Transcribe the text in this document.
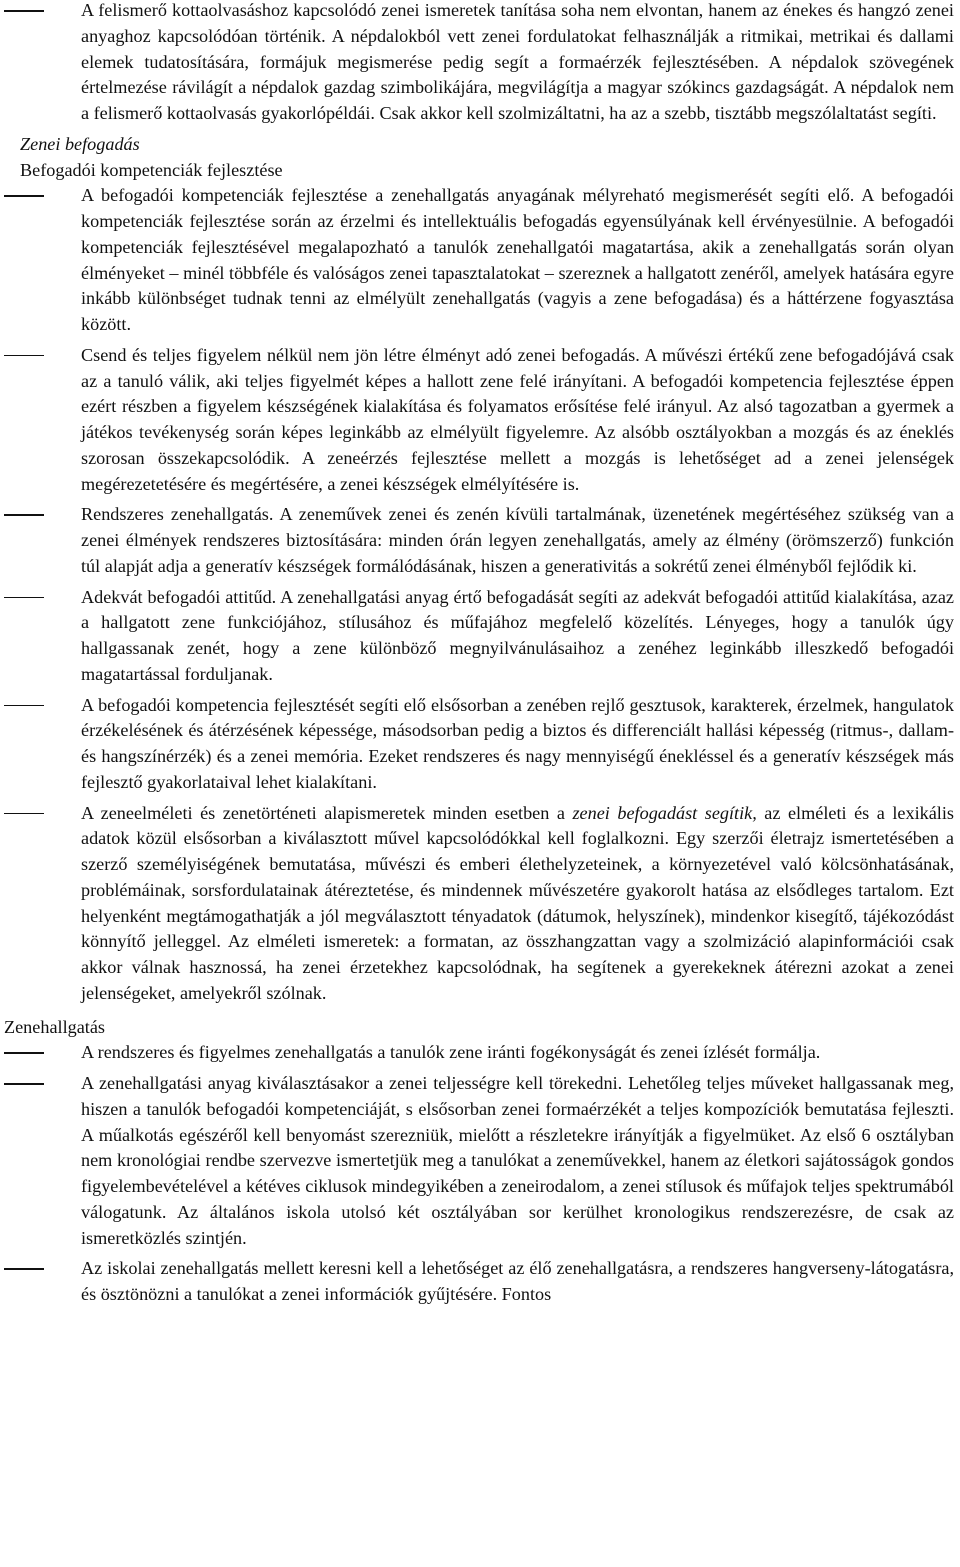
A felismerő kottaolvasáshoz kapcsolódó zenei ismeretek tanítása soha nem elvontan, hanem az énekes és hangzó zenei anyaghoz kapcsolódóan történik. A népdalokból vett zenei fordulatokat felhasználják a ritmikai, metrikai és dallami elemek tudatosítására, formájuk megismerése pedig segít a formaérzék fejlesztésében. A népdalok szövegének értelmezése rávilágít a népdalok gazdag szimbolikájára, megvilágítja a magyar szókincs gazdagságát. A népdalok nem a felismerő kottaolvasás gyakorlópéldái. Csak akkor kell szolmizáltatni, ha az a szebb, tisztább megszólaltatást segíti.
Zenei befogadás
Befogadói kompetenciák fejlesztése
A befogadói kompetenciák fejlesztése a zenehallgatás anyagának mélyreható megismerését segíti elő. A befogadói kompetenciák fejlesztése során az érzelmi és intellektuális befogadás egyensúlyának kell érvényesülnie. A befogadói kompetenciák fejlesztésével megalapozható a tanulók zenehallgatói magatartása, akik a zenehallgatás során olyan élményeket – minél többféle és valóságos zenei tapasztalatokat – szereznek a hallgatott zenéről, amelyek hatására egyre inkább különbséget tudnak tenni az elmélyült zenehallgatás (vagyis a zene befogadása) és a háttérzene fogyasztása között.
Csend és teljes figyelem nélkül nem jön létre élményt adó zenei befogadás. A művészi értékű zene befogadójává csak az a tanuló válik, aki teljes figyelmét képes a hallott zene felé irányítani. A befogadói kompetencia fejlesztése éppen ezért részben a figyelem készségének kialakítása és folyamatos erősítése felé irányul. Az alsó tagozatban a gyermek a játékos tevékenység során képes leginkább az elmélyült figyelemre. Az alsóbb osztályokban a mozgás és az éneklés szorosan összekapcsolódik. A zeneérzés fejlesztése mellett a mozgás is lehetőséget ad a zenei jelenségek megérezetetésére és megértésére, a zenei készségek elmélyítésére is.
Rendszeres zenehallgatás. A zeneművek zenei és zenén kívüli tartalmának, üzenetének megértéséhez szükség van a zenei élmények rendszeres biztosítására: minden órán legyen zenehallgatás, amely az élmény (örömszerző) funkción túl alapját adja a generatív készségek formálódásának, hiszen a generativitás a sokrétű zenei élményből fejlődik ki.
Adekvát befogadói attitűd. A zenehallgatási anyag értő befogadását segíti az adekvát befogadói attitűd kialakítása, azaz a hallgatott zene funkciójához, stílusához és műfajához megfelelő közelítés. Lényeges, hogy a tanulók úgy hallgassanak zenét, hogy a zene különböző megnyilvánulásaihoz a zenéhez leginkább illeszkedő befogadói magatartással forduljanak.
A befogadói kompetencia fejlesztését segíti elő elsősorban a zenében rejlő gesztusok, karakterek, érzelmek, hangulatok érzékelésének és átérzésének képessége, másodsorban pedig a biztos és differenciált hallási képesség (ritmus-, dallam- és hangszínérzék) és a zenei memória. Ezeket rendszeres és nagy mennyiségű énekléssel és a generatív készségek más fejlesztő gyakorlataival lehet kialakítani.
A zeneelméleti és zenetörténeti alapismeretek minden esetben a zenei befogadást segítik, az elméleti és a lexikális adatok közül elsősorban a kiválasztott művel kapcsolódókkal kell foglalkozni. Egy szerzői életrajz ismertetésében a szerző személyiségének bemutatása, művészi és emberi élethelyzeteinek, a környezetével való kölcsönhatásának, problémáinak, sorsfordulatainak átéreztetése, és mindennek művészetére gyakorolt hatása az elsődleges tartalom. Ezt helyenként megtámogathatják a jól megválasztott tényadatok (dátumok, helyszínek), mindenkor kisegítő, tájékozódást könnyítő jelleggel. Az elméleti ismeretek: a formatan, az összhangzattan vagy a szolmizáció alapinformációi csak akkor válnak hasznossá, ha zenei érzetekhez kapcsolódnak, ha segítenek a gyerekeknek átérezni azokat a zenei jelenségeket, amelyekről szólnak.
Zenehallgatás
A rendszeres és figyelmes zenehallgatás a tanulók zene iránti fogékonyságát és zenei ízlését formálja.
A zenehallgatási anyag kiválasztásakor a zenei teljességre kell törekedni. Lehetőleg teljes műveket hallgassanak meg, hiszen a tanulók befogadói kompetenciáját, s elsősorban zenei formaérzékét a teljes kompozíciók bemutatása fejleszti. A műalkotás egészéről kell benyomást szerezniük, mielőtt a részletekre irányítják a figyelmüket. Az első 6 osztályban nem kronológiai rendbe szervezve ismertetjük meg a tanulókat a zeneművekkel, hanem az életkori sajátosságok gondos figyelembevételével a kétéves ciklusok mindegyikében a zeneirodalom, a zenei stílusok és műfajok teljes spektrumából válogatunk. Az általános iskola utolsó két osztályában sor kerülhet kronologikus rendszerezésre, de csak az ismeretközlés szintjén.
Az iskolai zenehallgatás mellett keresni kell a lehetőséget az élő zenehallgatásra, a rendszeres hangverseny-látogatásra, és ösztönözni a tanulókat a zenei információk gyűjtésére. Fontos
